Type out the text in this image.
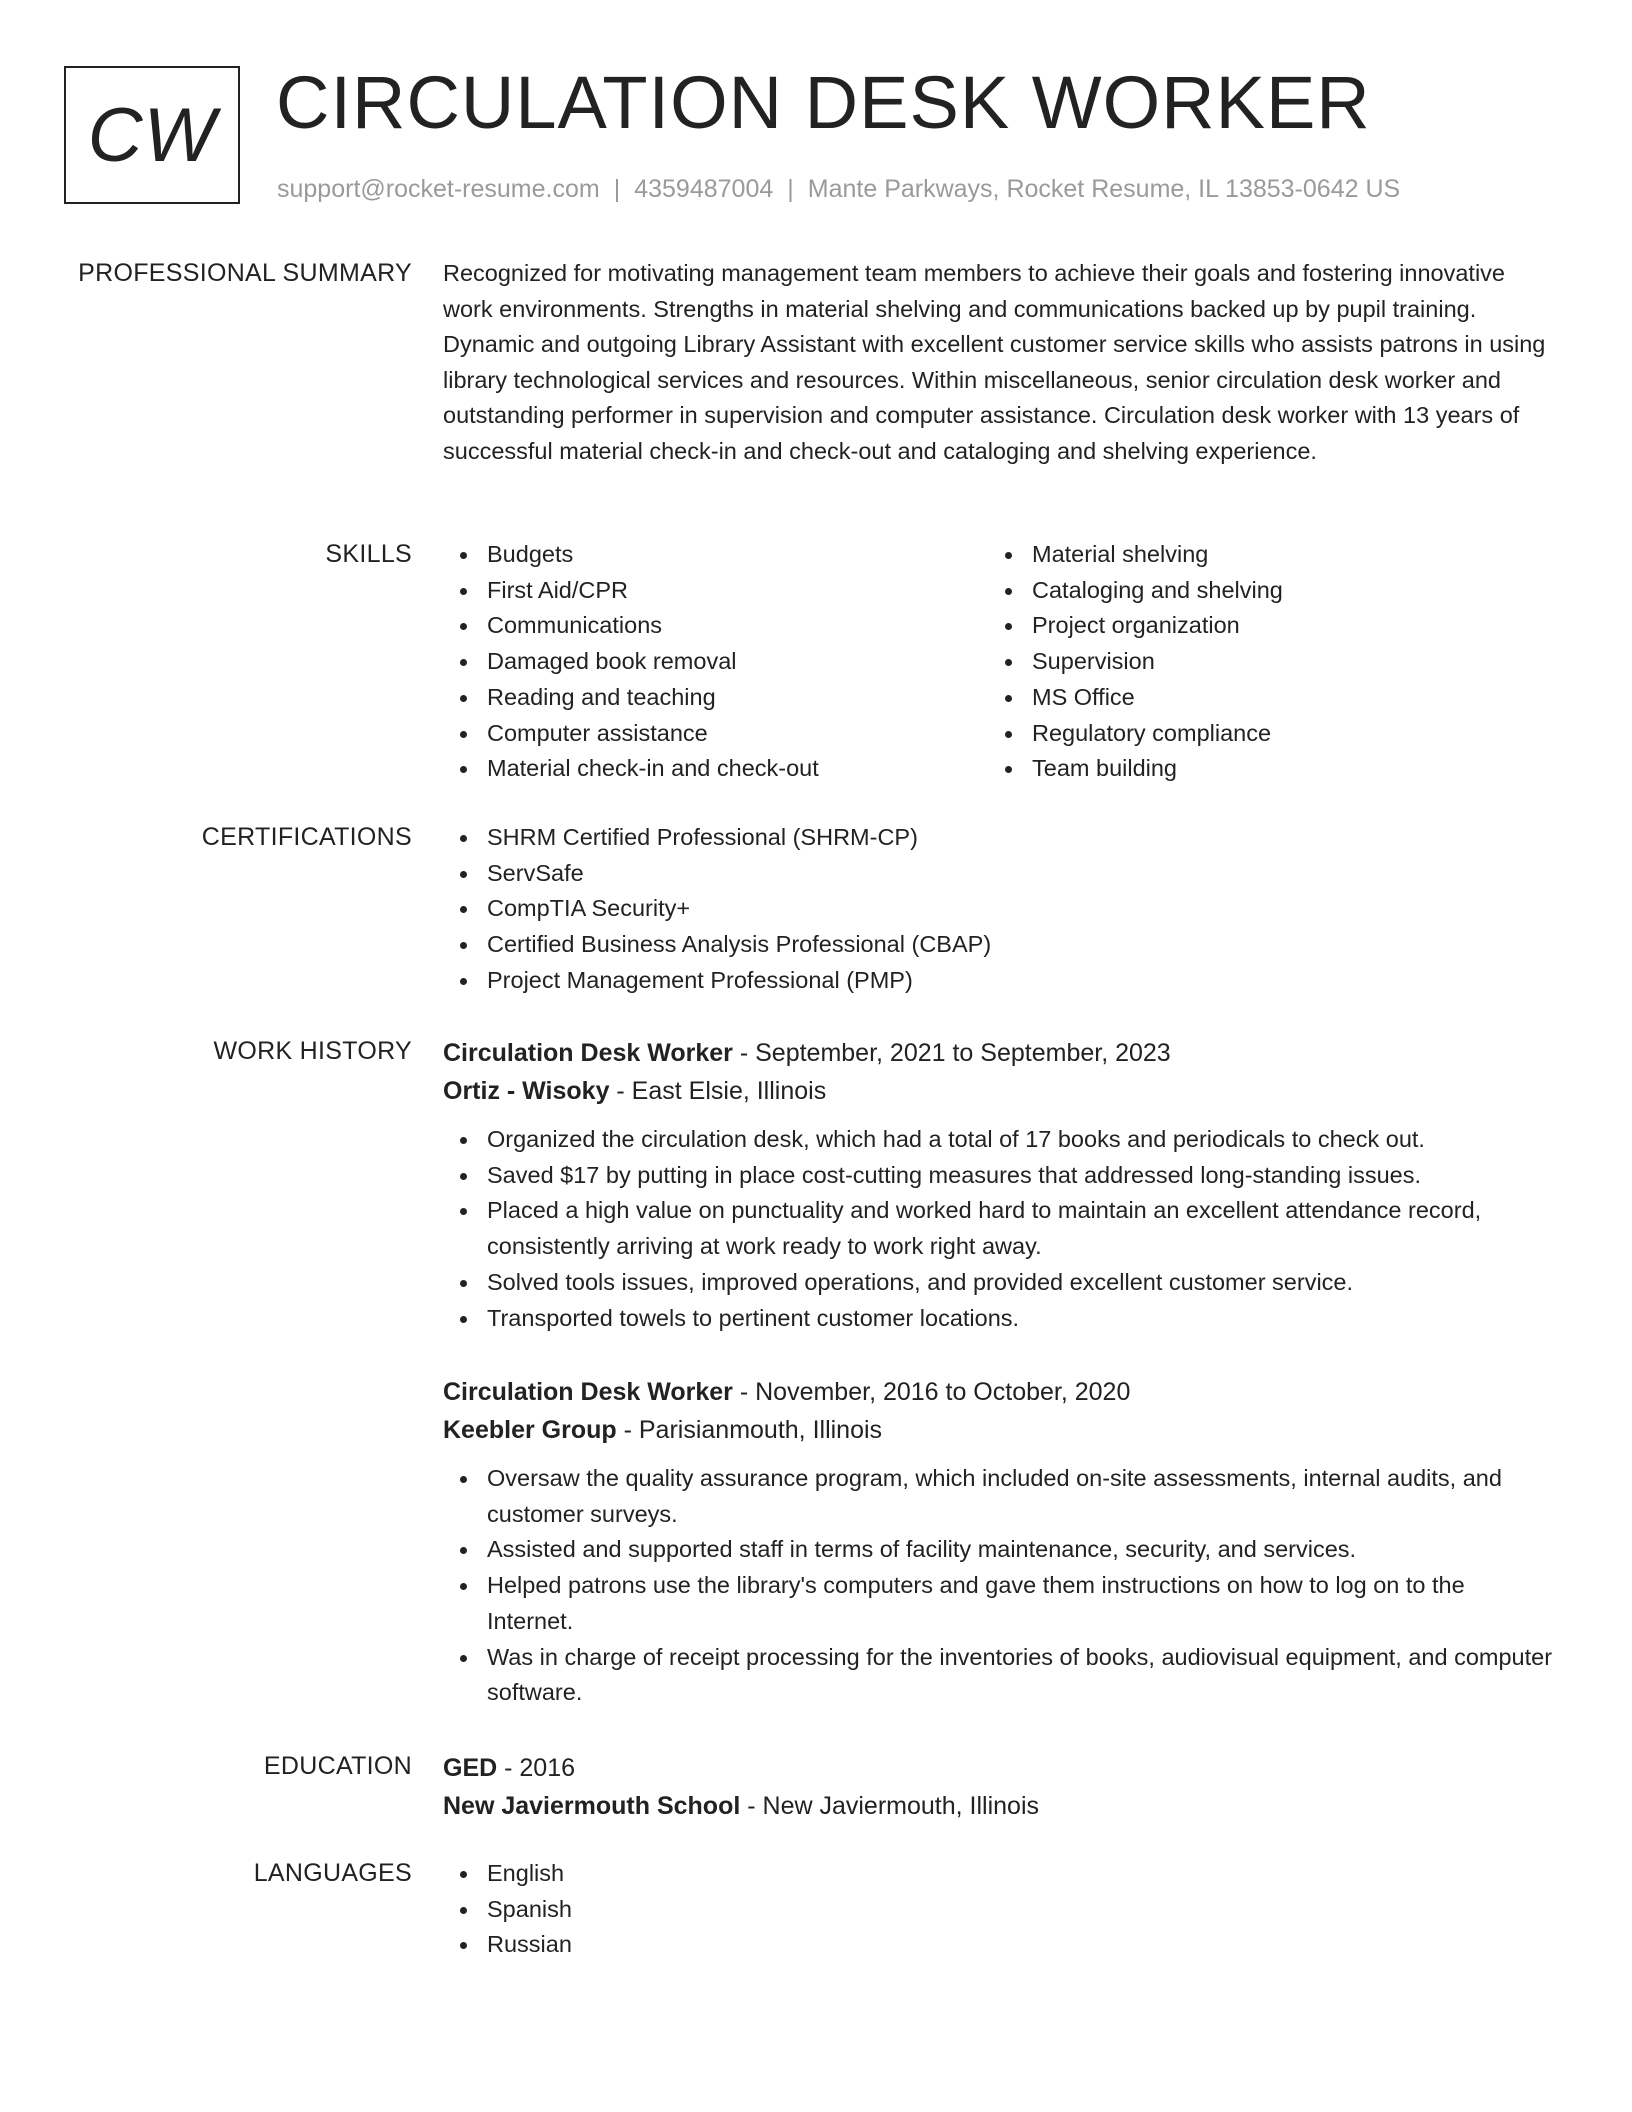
CW CIRCULATION DESK WORKER
support@rocket-resume.com | 4359487004 | Mante Parkways, Rocket Resume, IL 13853-0642 US
PROFESSIONAL SUMMARY Recognized for motivating management team members to achieve their goals and fostering innovative work environments. Strengths in material shelving and communications backed up by pupil training. Dynamic and outgoing Library Assistant with excellent customer service skills who assists patrons in using library technological services and resources. Within miscellaneous, senior circulation desk worker and outstanding performer in supervision and computer assistance. Circulation desk worker with 13 years of successful material check-in and check-out and cataloging and shelving experience.
SKILLS	Budgets
First Aid/CPR
Communications
Damaged book removal
Reading and teaching
Computer assistance
Material check-in and check-out
Material shelving
Cataloging and shelving
Project organization
Supervision
MS Office
Regulatory compliance
Team building
CERTIFICATIONS	SHRM Certified Professional (SHRM-CP)
ServSafe
CompTIA Security+
Certified Business Analysis Professional (CBAP)
Project Management Professional (PMP)
WORK HISTORY Circulation Desk Worker - September, 2021 to September, 2023
Ortiz - Wisoky - East Elsie, Illinois
Organized the circulation desk, which had a total of 17 books and periodicals to check out.
Saved $17 by putting in place cost-cutting measures that addressed long-standing issues.
Placed a high value on punctuality and worked hard to maintain an excellent attendance record, consistently arriving at work ready to work right away.
Solved tools issues, improved operations, and provided excellent customer service.
Transported towels to pertinent customer locations.
Circulation Desk Worker - November, 2016 to October, 2020
Keebler Group - Parisianmouth, Illinois
Oversaw the quality assurance program, which included on-site assessments, internal audits, and customer surveys.
Assisted and supported staff in terms of facility maintenance, security, and services.
Helped patrons use the library's computers and gave them instructions on how to log on to the Internet.
Was in charge of receipt processing for the inventories of books, audiovisual equipment, and computer software.
EDUCATION GED - 2016
New Javiermouth School - New Javiermouth, Illinois
LANGUAGES	English
Spanish
Russian
